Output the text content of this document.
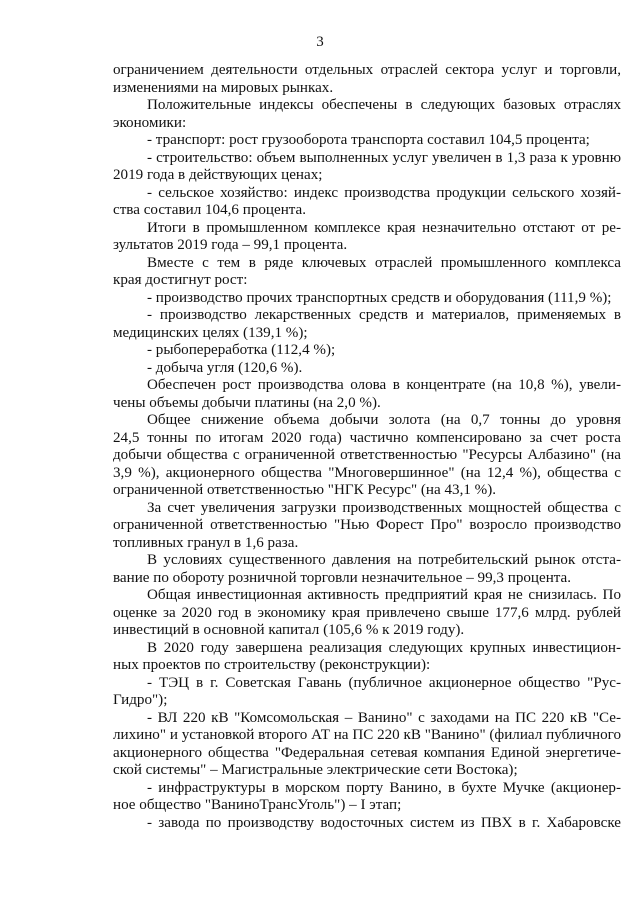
3
ограничением деятельности отдельных отраслей сектора услуг и торговли,
изменениями на мировых рынках.
Положительные индексы обеспечены в следующих базовых отраслях
экономики:
- транспорт: рост грузооборота транспорта составил 104,5 процента;
- строительство: объем выполненных услуг увеличен в 1,3 раза к уровню
2019 года в действующих ценах;
- сельское хозяйство: индекс производства продукции сельского хозяй-
ства составил 104,6 процента.
Итоги в промышленном комплексе края незначительно отстают от ре-
зультатов 2019 года – 99,1 процента.
Вместе с тем в ряде ключевых отраслей промышленного комплекса
края достигнут рост:
- производство прочих транспортных средств и оборудования (111,9 %);
- производство лекарственных средств и материалов, применяемых в
медицинских целях (139,1 %);
- рыбопереработка (112,4 %);
- добыча угля (120,6 %).
Обеспечен рост производства олова в концентрате (на 10,8 %), увели-
чены объемы добычи платины (на 2,0 %).
Общее снижение объема добычи золота (на 0,7 тонны до уровня
24,5 тонны по итогам 2020 года) частично компенсировано за счет роста
добычи общества с ограниченной ответственностью "Ресурсы Албазино" (на
3,9 %), акционерного общества "Многовершинное" (на 12,4 %), общества с
ограниченной ответственностью "НГК Ресурс" (на 43,1 %).
За счет увеличения загрузки производственных мощностей общества с
ограниченной ответственностью "Нью Форест Про" возросло производство
топливных гранул в 1,6 раза.
В условиях существенного давления на потребительский рынок отста-
вание по обороту розничной торговли незначительное – 99,3 процента.
Общая инвестиционная активность предприятий края не снизилась. По
оценке за 2020 год в экономику края привлечено свыше 177,6 млрд. рублей
инвестиций в основной капитал (105,6 % к 2019 году).
В 2020 году завершена реализация следующих крупных инвестицион-
ных проектов по строительству (реконструкции):
- ТЭЦ в г. Советская Гавань (публичное акционерное общество "Рус-
Гидро");
- ВЛ 220 кВ "Комсомольская – Ванино" с заходами на ПС 220 кВ "Се-
лихино" и установкой второго АТ на ПС 220 кВ "Ванино" (филиал публичного
акционерного общества "Федеральная сетевая компания Единой энергетиче-
ской системы" – Магистральные электрические сети Востока);
- инфраструктуры в морском порту Ванино, в бухте Мучке (акционер-
ное общество "ВаниноТрансУголь") – I этап;
- завода по производству водосточных систем из ПВХ в г. Хабаровске
